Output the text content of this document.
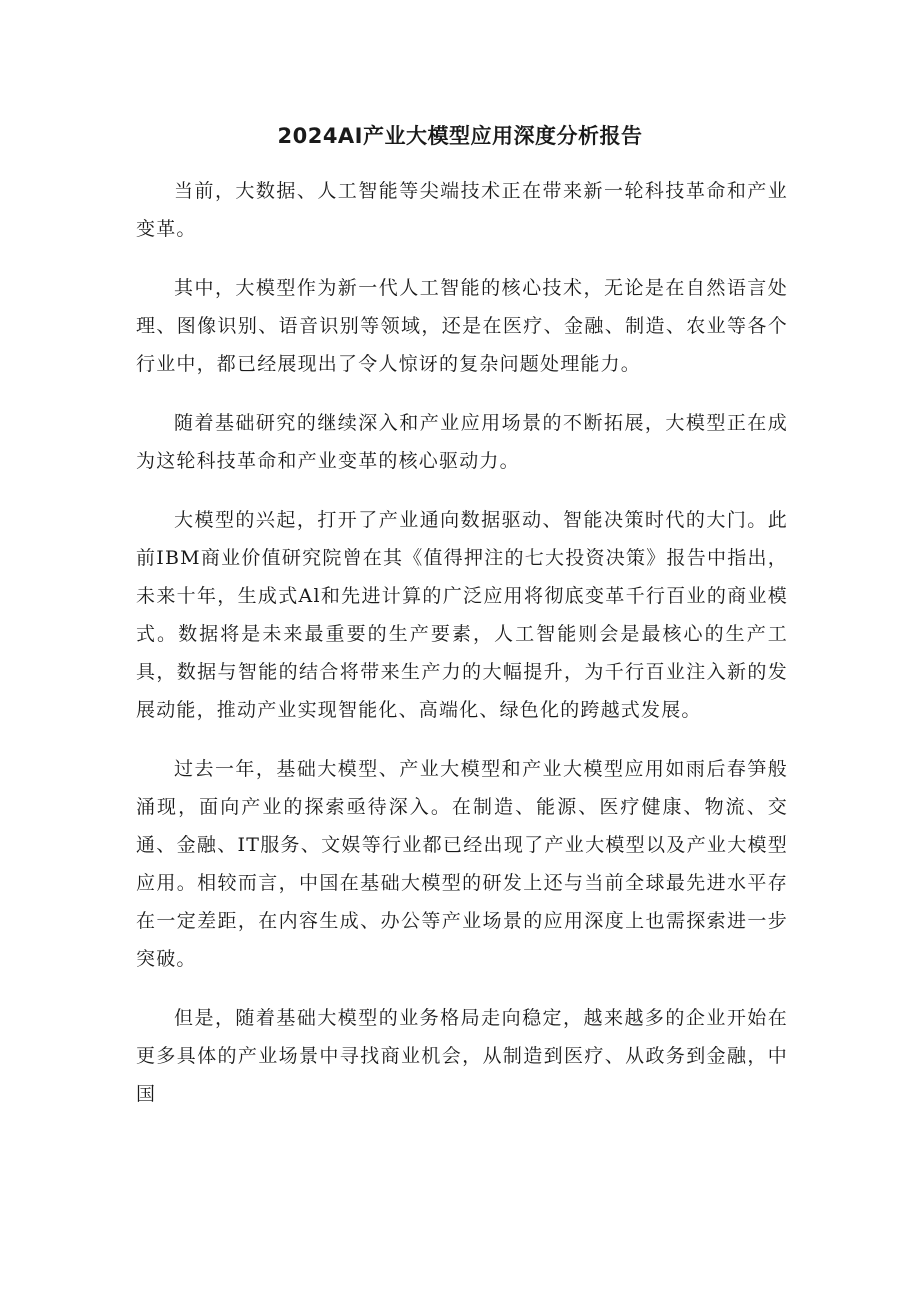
2024AI产业大模型应用深度分析报告

当前，大数据、人工智能等尖端技术正在带来新一轮科技革命和产业变革。

其中，大模型作为新一代人工智能的核心技术，无论是在自然语言处理、图像识别、语音识别等领域，还是在医疗、金融、制造、农业等各个行业中，都已经展现出了令人惊讶的复杂问题处理能力。

随着基础研究的继续深入和产业应用场景的不断拓展，大模型正在成为这轮科技革命和产业变革的核心驱动力。

大模型的兴起，打开了产业通向数据驱动、智能决策时代的大门。此前IBM商业价值研究院曾在其《值得押注的七大投资决策》报告中指出，未来十年，生成式Al和先进计算的广泛应用将彻底变革千行百业的商业模式。数据将是未来最重要的生产要素，人工智能则会是最核心的生产工具，数据与智能的结合将带来生产力的大幅提升，为千行百业注入新的发展动能，推动产业实现智能化、高端化、绿色化的跨越式发展。

过去一年，基础大模型、产业大模型和产业大模型应用如雨后春笋般涌现，面向产业的探索亟待深入。在制造、能源、医疗健康、物流、交通、金融、IT服务、文娱等行业都已经出现了产业大模型以及产业大模型应用。相较而言，中国在基础大模型的研发上还与当前全球最先进水平存在一定差距，在内容生成、办公等产业场景的应用深度上也需探索进一步突破。

但是，随着基础大模型的业务格局走向稳定，越来越多的企业开始在更多具体的产业场景中寻找商业机会，从制造到医疗、从政务到金融，中国
